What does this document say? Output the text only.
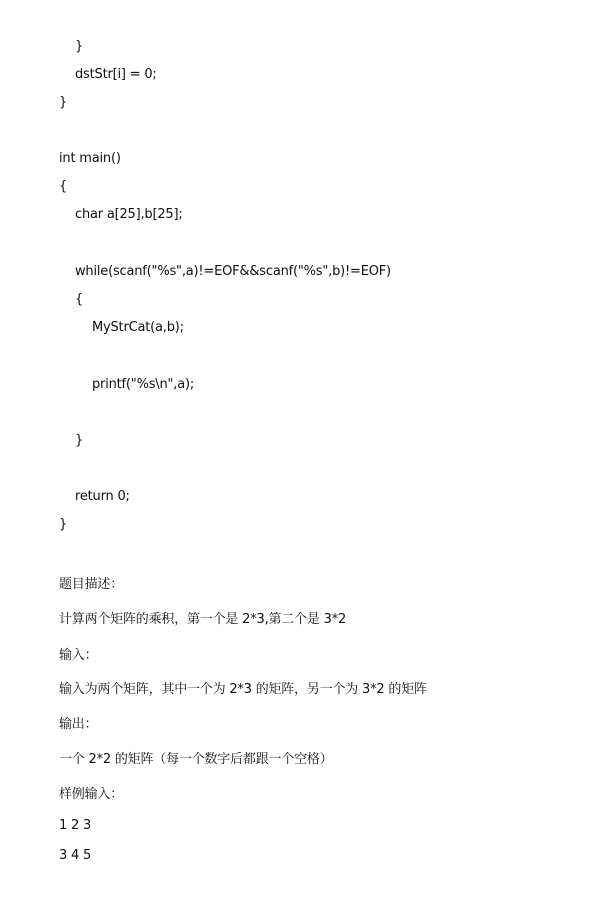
}
dstStr[i] = 0;
}
int main()
{
char a[25],b[25];
while(scanf("%s",a)!=EOF&&scanf("%s",b)!=EOF)
{
MyStrCat(a,b);
printf("%s\n",a);
}
return 0;
}
题目描述：
计算两个矩阵的乘积，第一个是 2*3,第二个是 3*2
输入：
输入为两个矩阵，其中一个为 2*3 的矩阵，另一个为 3*2 的矩阵
输出：
一个 2*2 的矩阵（每一个数字后都跟一个空格）
样例输入：
1 2 3
3 4 5
